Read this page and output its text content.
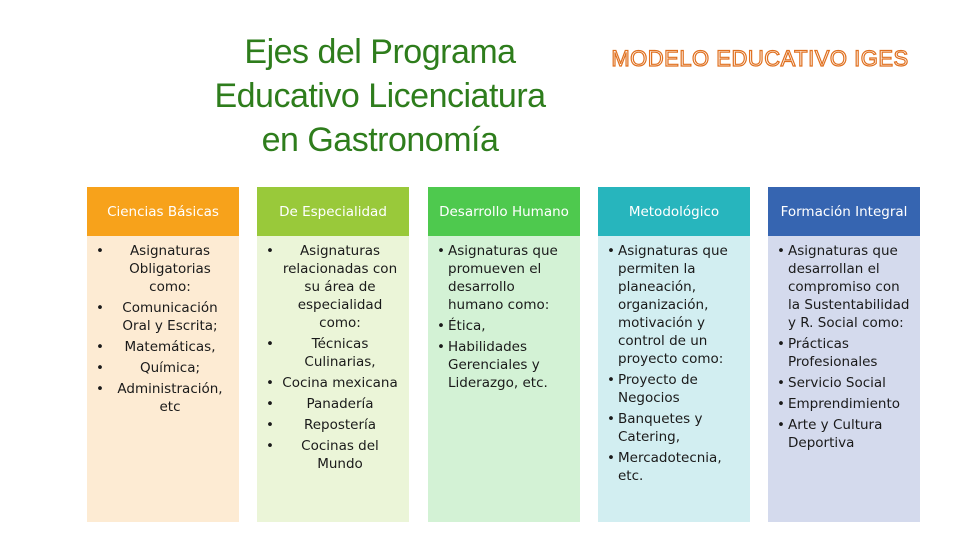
Ejes del Programa
Educativo Licenciatura
en Gastronomía
MODELO EDUCATIVO IGES
Ciencias Básicas
• Asignaturas Obligatorias como:
• Comunicación Oral y Escrita;
• Matemáticas,
•	Química;
• Administración, etc
De Especialidad
• Asignaturas relacionadas con su área de especialidad como:
•	Técnicas Culinarias,
• Cocina mexicana
• Panadería
• Repostería
• Cocinas del Mundo
Desarrollo Humano
• Asignaturas que promueven el desarrollo humano como:
• Ética,
• Habilidades Gerenciales y Liderazgo, etc.
Metodológico
• Asignaturas que permiten la planeación, organización, motivación y control de un proyecto como:
• Proyecto de Negocios
• Banquetes y Catering,
• Mercadotecnia, etc.
Formación Integral
• Asignaturas que desarrollan el compromiso con la Sustentabilidad y R. Social como:
• Prácticas Profesionales
• Servicio Social
• Emprendimiento
• Arte y Cultura Deportiva
